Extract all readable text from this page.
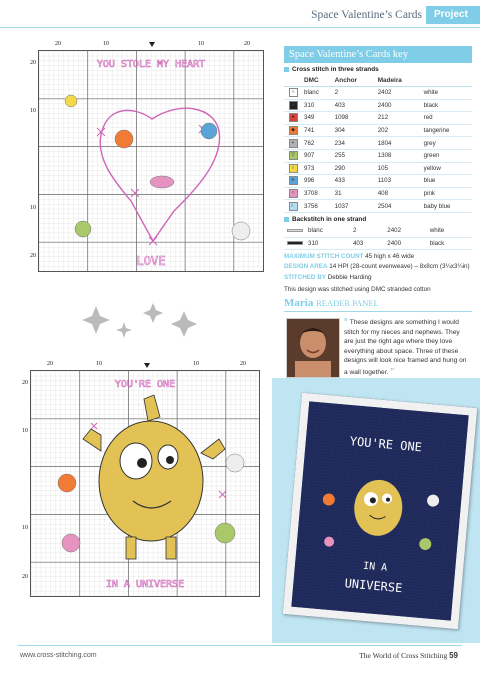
Space Valentine’s Cards	Project
20	10	10	20
20
10
10
20
YOU STOLE MY HEART
LOVE
20	10	10	20
20
10
10
20
YOU'RE ONE
IN A UNIVERSE
Space Valentine’s Cards key
Cross stitch in three strands
	DMC	Anchor	Madeira	
∩	blanc	2	2402	white
■	310	403	2400	black
●	349	1098	212	red
◆	741	304	202	tangerine
+	762	234	1804	grey
▽	907	255	1308	green
♀	973	290	105	yellow
≡	996	433	1103	blue
○	3708	31	408	pink
☾	3756	1037	2504	baby blue
Backstitch in one strand
	blanc	2	2402	white
	310	403	2400	black
MAXIMUM STITCH COUNT 45 high x 46 wide
DESIGN AREA 14 HPI (28-count evenweave) – 8x8cm (3¼x3¼in)
STITCHED BY Debbie Harding
This design was stitched using DMC stranded cotton
Maria READER PANEL
“ These designs are something I would stitch for my nieces and nephews. They are just the right age where they love everything about space. Three of these designs will look nice framed and hung on a wall together. ”
YOU'RE ONE
IN A
UNIVERSE
www.cross-stitching.com	The World of Cross Stitching 59
